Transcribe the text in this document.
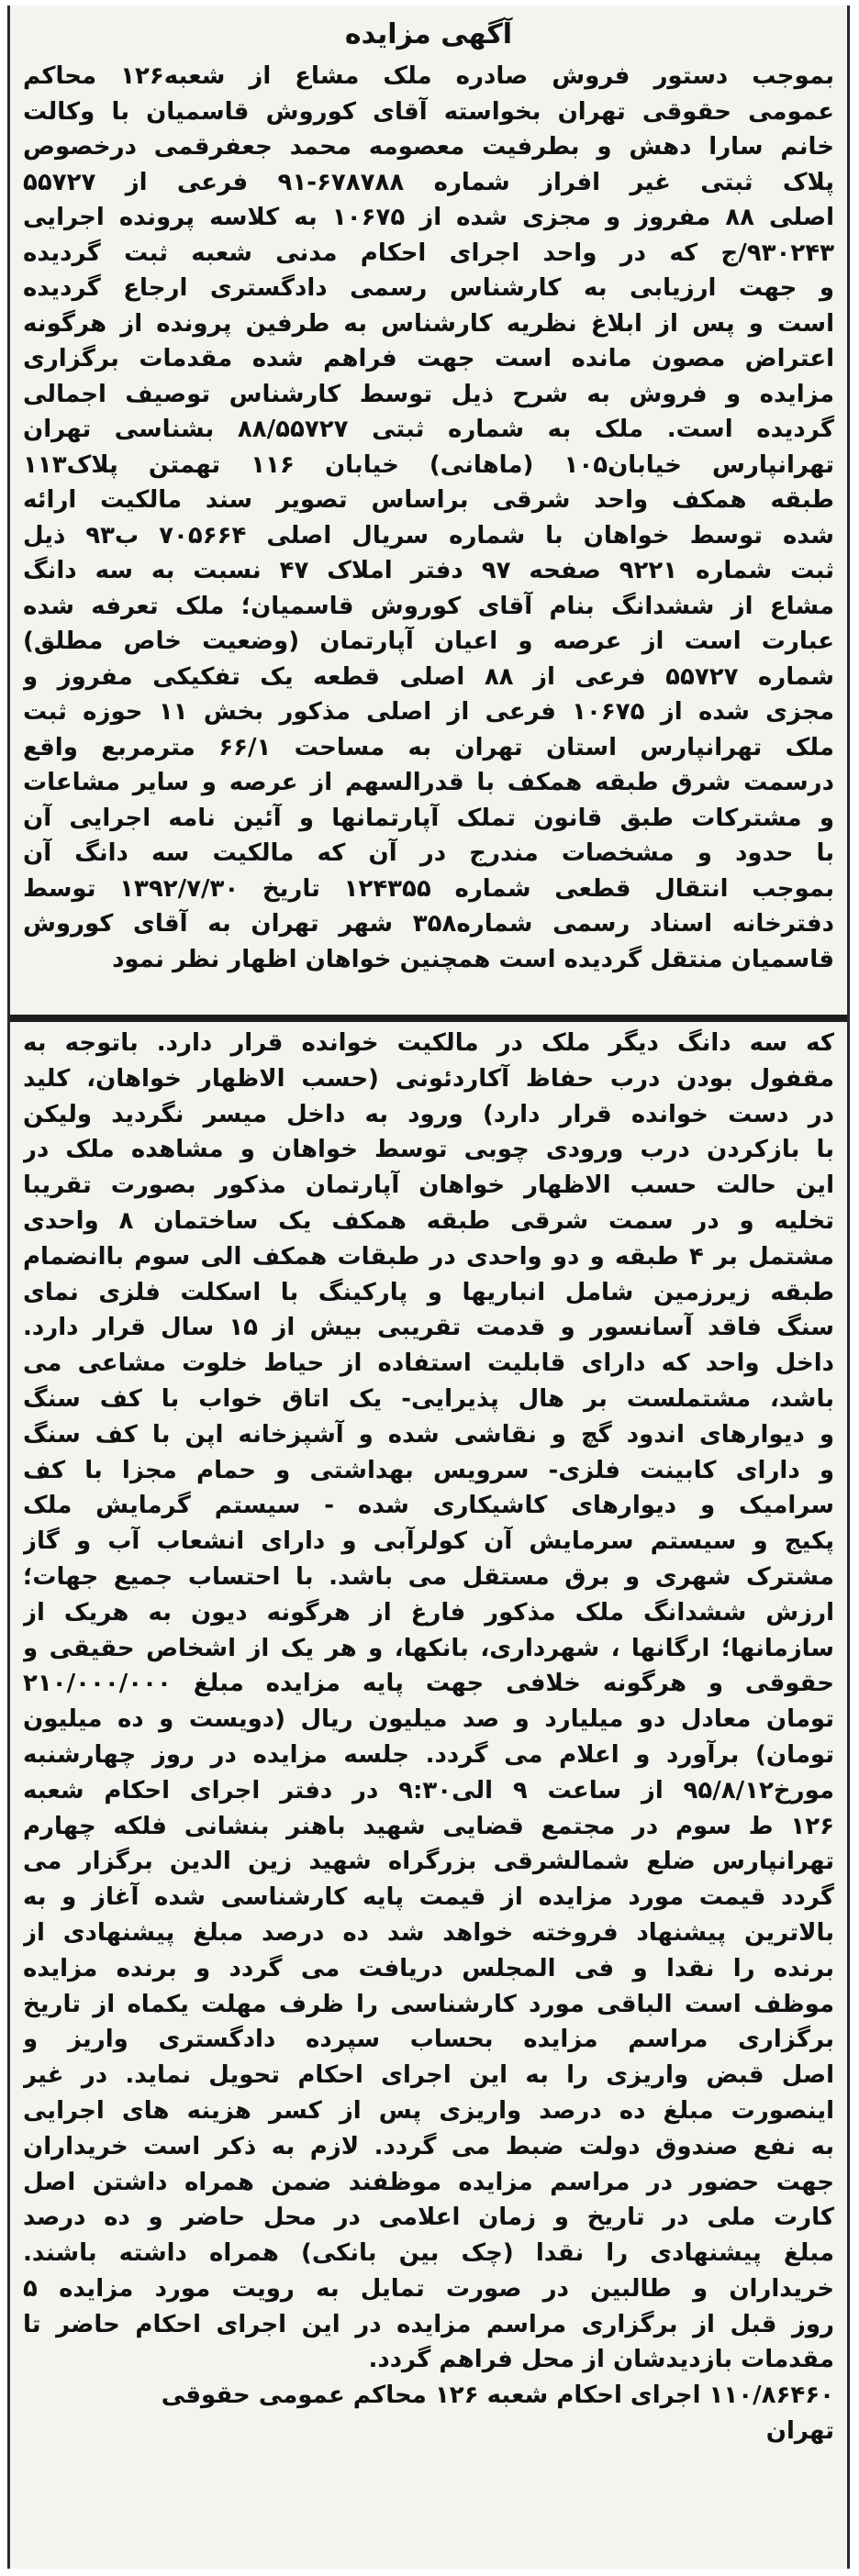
آگهی مزایده
بموجب دستور فروش صادره ملک مشاع از شعبه۱۲۶ محاکم
عمومی حقوقی تهران بخواسته آقای کوروش قاسمیان با وکالت
خانم سارا دهش و بطرفیت معصومه محمد جعفرقمی درخصوص
پلاک ثبتی غیر افراز شماره ۶۷۸۷۸۸-۹۱ فرعی از ۵۵۷۲۷
اصلی ۸۸ مفروز و مجزی شده از ۱۰۶۷۵ به کلاسه پرونده اجرایی
۹۳۰۲۴۳/ج که در واحد اجرای احکام مدنی شعبه ثبت گردیده
و جهت ارزیابی به کارشناس رسمی دادگستری ارجاع گردیده
است و پس از ابلاغ نظریه کارشناس به طرفین پرونده از هرگونه
اعتراض مصون مانده است جهت فراهم شده مقدمات برگزاری
مزایده و فروش به شرح ذیل توسط کارشناس توصیف اجمالی
گردیده است. ملک به شماره ثبتی ۸۸/۵۵۷۲۷ بشناسی تهران
تهرانپارس خیابان۱۰۵ (ماهانی) خیابان ۱۱۶ تهمتن پلاک۱۱۳
طبقه همکف واحد شرقی براساس تصویر سند مالکیت ارائه
شده توسط خواهان با شماره سریال اصلی ۷۰۵۶۶۴ ب۹۳ ذیل
ثبت شماره ۹۲۲۱ صفحه ۹۷ دفتر املاک ۴۷ نسبت به سه دانگ
مشاع از ششدانگ بنام آقای کوروش قاسمیان؛ ملک تعرفه شده
عبارت است از عرصه و اعیان آپارتمان (وضعیت خاص مطلق)
شماره ۵۵۷۲۷ فرعی از ۸۸ اصلی قطعه یک تفکیکی مفروز و
مجزی شده از ۱۰۶۷۵ فرعی از اصلی مذکور بخش ۱۱ حوزه ثبت
ملک تهرانپارس استان تهران به مساحت ۶۶/۱ مترمربع واقع
درسمت شرق طبقه همکف با قدرالسهم از عرصه و سایر مشاعات
و مشترکات طبق قانون تملک آپارتمانها و آئین نامه اجرایی آن
با حدود و مشخصات مندرج در آن که مالکیت سه دانگ آن
بموجب انتقال قطعی شماره ۱۲۴۳۵۵ تاریخ ۱۳۹۲/۷/۳۰ توسط
دفترخانه اسناد رسمی شماره۳۵۸ شهر تهران به آقای کوروش
قاسمیان منتقل گردیده است همچنین خواهان اظهار نظر نمود
که سه دانگ دیگر ملک در مالکیت خوانده قرار دارد. باتوجه به
مقفول بودن درب حفاظ آکاردئونی (حسب الاظهار خواهان، کلید
در دست خوانده قرار دارد) ورود به داخل میسر نگردید ولیکن
با بازکردن درب ورودی چوبی توسط خواهان و مشاهده ملک در
این حالت حسب الاظهار خواهان آپارتمان مذکور بصورت تقریبا
تخلیه و در سمت شرقی طبقه همکف یک ساختمان ۸ واحدی
مشتمل بر ۴ طبقه و دو واحدی در طبقات همکف الی سوم باانضمام
طبقه زیرزمین شامل انباریها و پارکینگ با اسکلت فلزی نمای
سنگ فاقد آسانسور و قدمت تقریبی بیش از ۱۵ سال قرار دارد.
داخل واحد که دارای قابلیت استفاده از حیاط خلوت مشاعی می
باشد، مشتملست بر هال پذیرایی- یک اتاق خواب با کف سنگ
و دیوارهای اندود گچ و نقاشی شده و آشپزخانه اپن با کف سنگ
و دارای کابینت فلزی- سرویس بهداشتی و حمام مجزا با کف
سرامیک و دیوارهای کاشیکاری شده - سیستم گرمایش ملک
پکیج و سیستم سرمایش آن کولرآبی و دارای انشعاب آب و گاز
مشترک شهری و برق مستقل می باشد. با احتساب جمیع جهات؛
ارزش ششدانگ ملک مذکور فارغ از هرگونه دیون به هریک از
سازمانها؛ ارگانها ، شهرداری، بانکها، و هر یک از اشخاص حقیقی و
حقوقی و هرگونه خلافی جهت پایه مزایده مبلغ ۲۱۰/۰۰۰/۰۰۰
تومان معادل دو میلیارد و صد میلیون ریال (دویست و ده میلیون
تومان) برآورد و اعلام می گردد. جلسه مزایده در روز چهارشنبه
مورخ۹۵/۸/۱۲ از ساعت ۹ الی۹:۳۰ در دفتر اجرای احکام شعبه
۱۲۶ ط سوم در مجتمع قضایی شهید باهنر بنشانی فلکه چهارم
تهرانپارس ضلع شمالشرقی بزرگراه شهید زین الدین برگزار می
گردد قیمت مورد مزایده از قیمت پایه کارشناسی شده آغاز و به
بالاترین پیشنهاد فروخته خواهد شد ده درصد مبلغ پیشنهادی از
برنده را نقدا و فی المجلس دریافت می گردد و برنده مزایده
موظف است الباقی مورد کارشناسی را ظرف مهلت یکماه از تاریخ
برگزاری مراسم مزایده بحساب سپرده دادگستری واریز و
اصل قبض واریزی را به این اجرای احکام تحویل نماید. در غیر
اینصورت مبلغ ده درصد واریزی پس از کسر هزینه های اجرایی
به نفع صندوق دولت ضبط می گردد. لازم به ذکر است خریداران
جهت حضور در مراسم مزایده موظفند ضمن همراه داشتن اصل
کارت ملی در تاریخ و زمان اعلامی در محل حاضر و ده درصد
مبلغ پیشنهادی را نقدا (چک بین بانکی) همراه داشته باشند.
خریداران و طالبین در صورت تمایل به رویت مورد مزایده ۵
روز قبل از برگزاری مراسم مزایده در این اجرای احکام حاضر تا
مقدمات بازدیدشان از محل فراهم گردد.
۱۱۰/۸۶۴۶۰ اجرای احکام شعبه ۱۲۶ محاکم عمومی حقوقی
تهران
